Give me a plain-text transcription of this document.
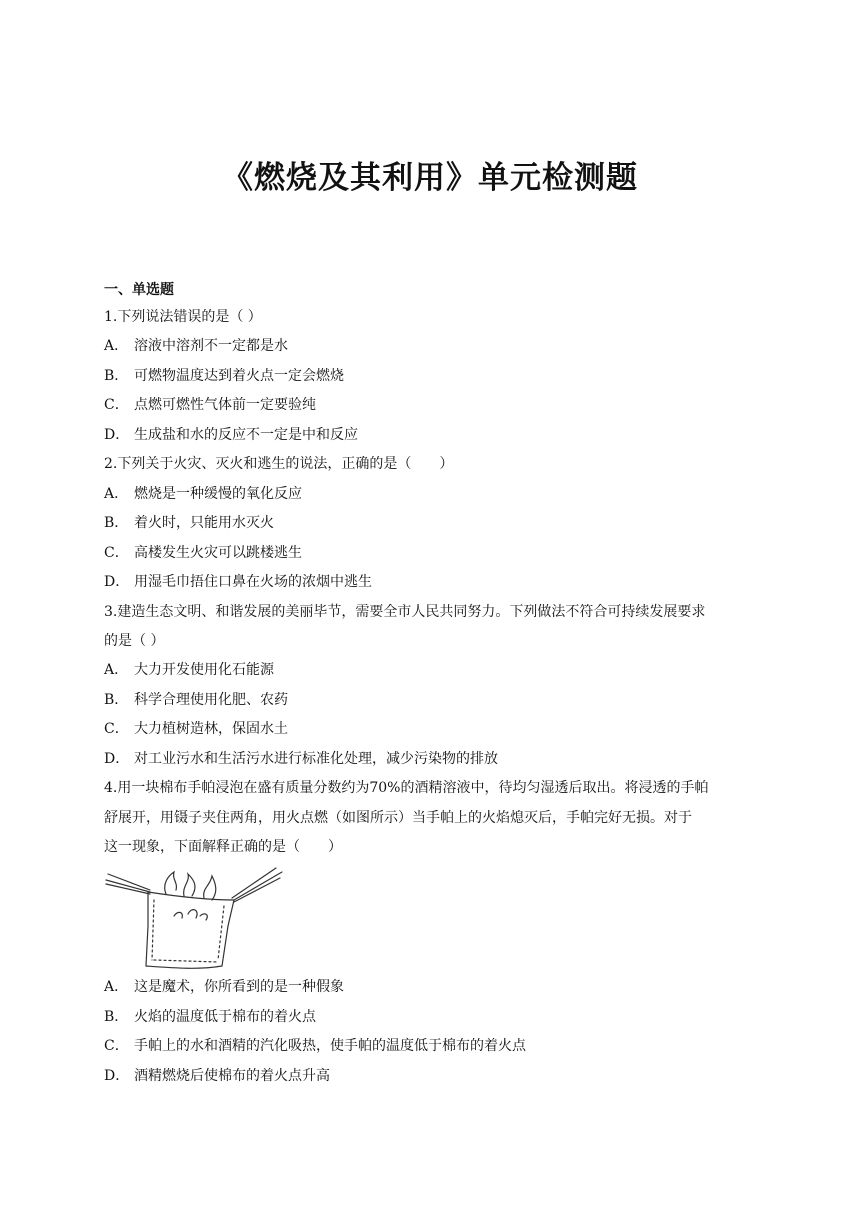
《燃烧及其利用》单元检测题
一、单选题
1.下列说法错误的是（ ）
A． 溶液中溶剂不一定都是水
B． 可燃物温度达到着火点一定会燃烧
C． 点燃可燃性气体前一定要验纯
D． 生成盐和水的反应不一定是中和反应
2.下列关于火灾、灭火和逃生的说法，正确的是（　　）
A． 燃烧是一种缓慢的氧化反应
B． 着火时，只能用水灭火
C． 高楼发生火灾可以跳楼逃生
D． 用湿毛巾捂住口鼻在火场的浓烟中逃生
3.建造生态文明、和谐发展的美丽毕节，需要全市人民共同努力。下列做法不符合可持续发展要求
的是（ ）
A． 大力开发使用化石能源
B． 科学合理使用化肥、农药
C． 大力植树造林，保固水土
D． 对工业污水和生活污水进行标准化处理，减少污染物的排放
4.用一块棉布手帕浸泡在盛有质量分数约为70%的酒精溶液中，待均匀湿透后取出。将浸透的手帕
舒展开，用镊子夹住两角，用火点燃（如图所示）当手帕上的火焰熄灭后，手帕完好无损。对于
这一现象，下面解释正确的是（　　）
A． 这是魔术，你所看到的是一种假象
B． 火焰的温度低于棉布的着火点
C． 手帕上的水和酒精的汽化吸热，使手帕的温度低于棉布的着火点
D． 酒精燃烧后使棉布的着火点升高
